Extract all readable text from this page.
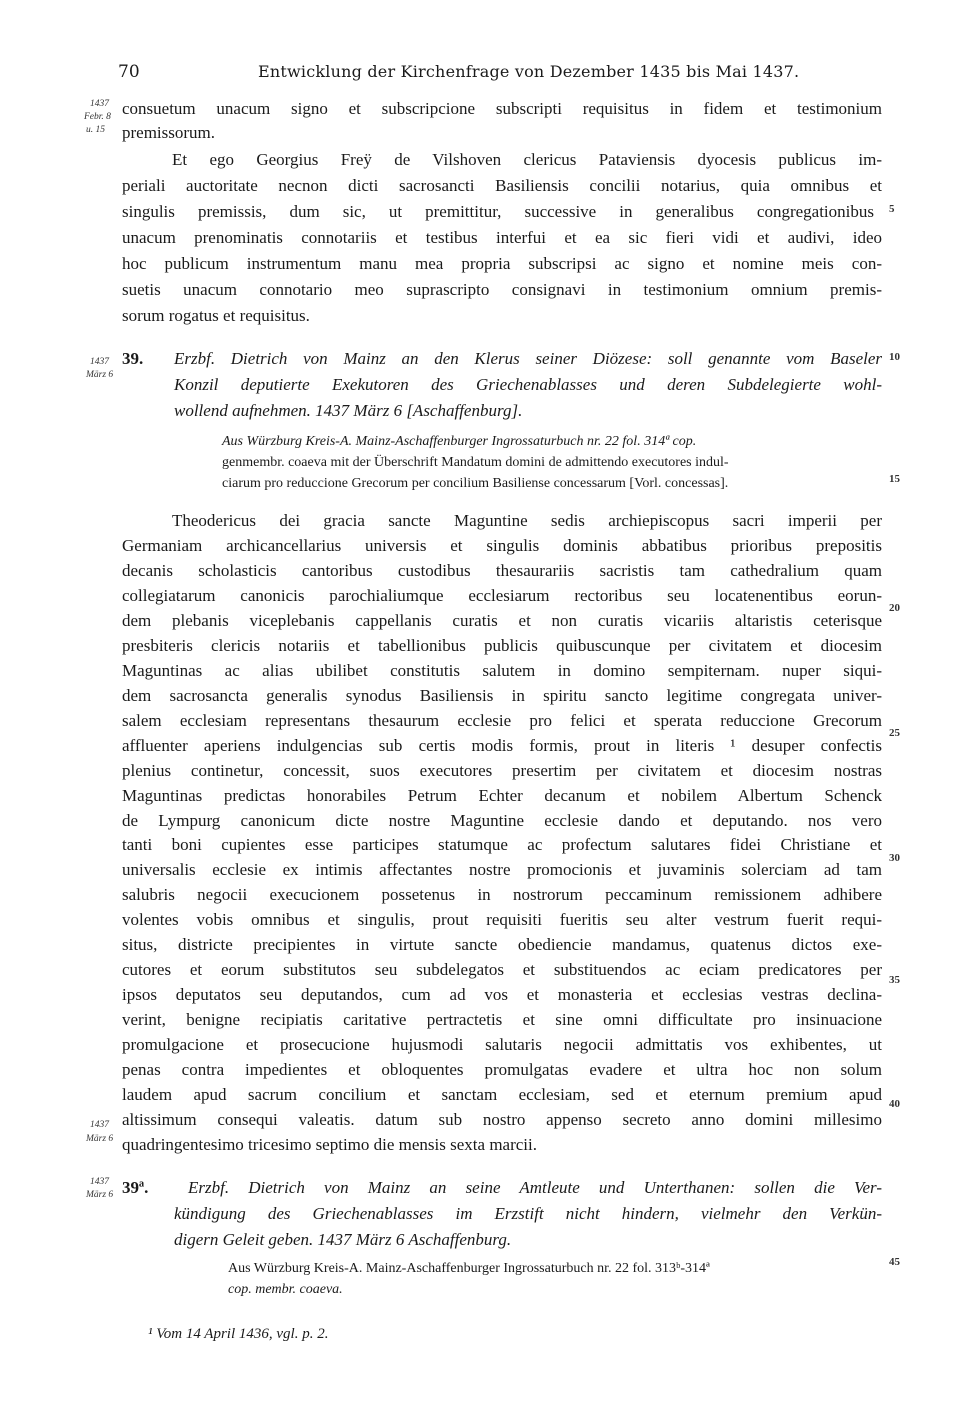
70	Entwicklung der Kirchenfrage von Dezember 1435 bis Mai 1437.
1437
Febr. 8
u. 15
1437
März 6
1437
März 6
1437
März 6
5
10
15
20
25
30
35
40
45
consuetum unacum signo et subscripcione subscripti requisitus in fidem et testimonium
premissorum.
Et ego Georgius Freÿ de Vilshoven clericus Pataviensis dyocesis publicus im-
periali auctoritate necnon dicti sacrosancti Basiliensis concilii notarius, quia omnibus et
singulis premissis, dum sic, ut premittitur, successive in generalibus congregationibus
unacum prenominatis connotariis et testibus interfui et ea sic fieri vidi et audivi, ideo
hoc publicum instrumentum manu mea propria subscripsi ac signo et nomine meis con-
suetis unacum connotario meo suprascripto consignavi in testimonium omnium premis-
sorum rogatus et requisitus.
39. Erzbf. Dietrich von Mainz an den Klerus seiner Diözese: soll genannte vom Baseler
Konzil deputierte Exekutoren des Griechenablasses und deren Subdelegierte wohl-
wollend aufnehmen. 1437 März 6 [Aschaffenburg].
Aus Würzburg Kreis-A. Mainz-Aschaffenburger Ingrossaturbuch nr. 22 fol. 314ª cop.
genmembr. coaeva mit der Überschrift Mandatum domini de admittendo executores indul-
ciarum pro reduccione Grecorum per concilium Basiliense concessarum [Vorl. concessas].
Theodericus dei gracia sancte Maguntine sedis archiepiscopus sacri imperii per
Germaniam archicancellarius universis et singulis dominis abbatibus prioribus prepositis
decanis scholasticis cantoribus custodibus thesaurariis sacristis tam cathedralium quam
collegiatarum canonicis parochialiumque ecclesiarum rectoribus seu locatenentibus eorun-
dem plebanis viceplebanis cappellanis curatis et non curatis vicariis altaristis ceterisque
presbiteris clericis notariis et tabellionibus publicis quibuscunque per civitatem et diocesim
Maguntinas ac alias ubilibet constitutis salutem in domino sempiternam. nuper siqui-
dem sacrosancta generalis synodus Basiliensis in spiritu sancto legitime congregata univer-
salem ecclesiam representans thesaurum ecclesie pro felici et sperata reduccione Grecorum
affluenter aperiens indulgencias sub certis modis formis, prout in literis ¹ desuper confectis
plenius continetur, concessit, suos executores presertim per civitatem et diocesim nostras
Maguntinas predictas honorabiles Petrum Echter decanum et nobilem Albertum Schenck
de Lympurg canonicum dicte nostre Maguntine ecclesie dando et deputando. nos vero
tanti boni cupientes esse participes statumque ac profectum salutares fidei Christiane et
universalis ecclesie ex intimis affectantes nostre promocionis et juvaminis solerciam ad tam
salubris negocii execucionem possetenus in nostrorum peccaminum remissionem adhibere
volentes vobis omnibus et singulis, prout requisiti fueritis seu alter vestrum fuerit requi-
situs, districte precipientes in virtute sancte obediencie mandamus, quatenus dictos exe-
cutores et eorum substitutos seu subdelegatos et substituendos ac eciam predicatores per
ipsos deputatos seu deputandos, cum ad vos et monasteria et ecclesias vestras declina-
verint, benigne recipiatis caritative pertractetis et sine omni difficultate pro insinuacione
promulgacione et prosecucione hujusmodi salutaris negocii admittatis vos exhibentes, ut
penas contra impedientes et obloquentes promulgatas evadere et ultra hoc non solum
laudem apud sacrum concilium et sanctam ecclesiam, sed et eternum premium apud
altissimum consequi valeatis. datum sub nostro appenso secreto anno domini millesimo
quadringentesimo tricesimo septimo die mensis sexta marcii.
39ª. Erzbf. Dietrich von Mainz an seine Amtleute und Unterthanen: sollen die Ver-
kündigung des Griechenablasses im Erzstift nicht hindern, vielmehr den Verkün-
digern Geleit geben. 1437 März 6 Aschaffenburg.
Aus Würzburg Kreis-A. Mainz-Aschaffenburger Ingrossaturbuch nr. 22 fol. 313ᵇ-314ª
cop. membr. coaeva.
¹ Vom 14 April 1436, vgl. p. 2.
